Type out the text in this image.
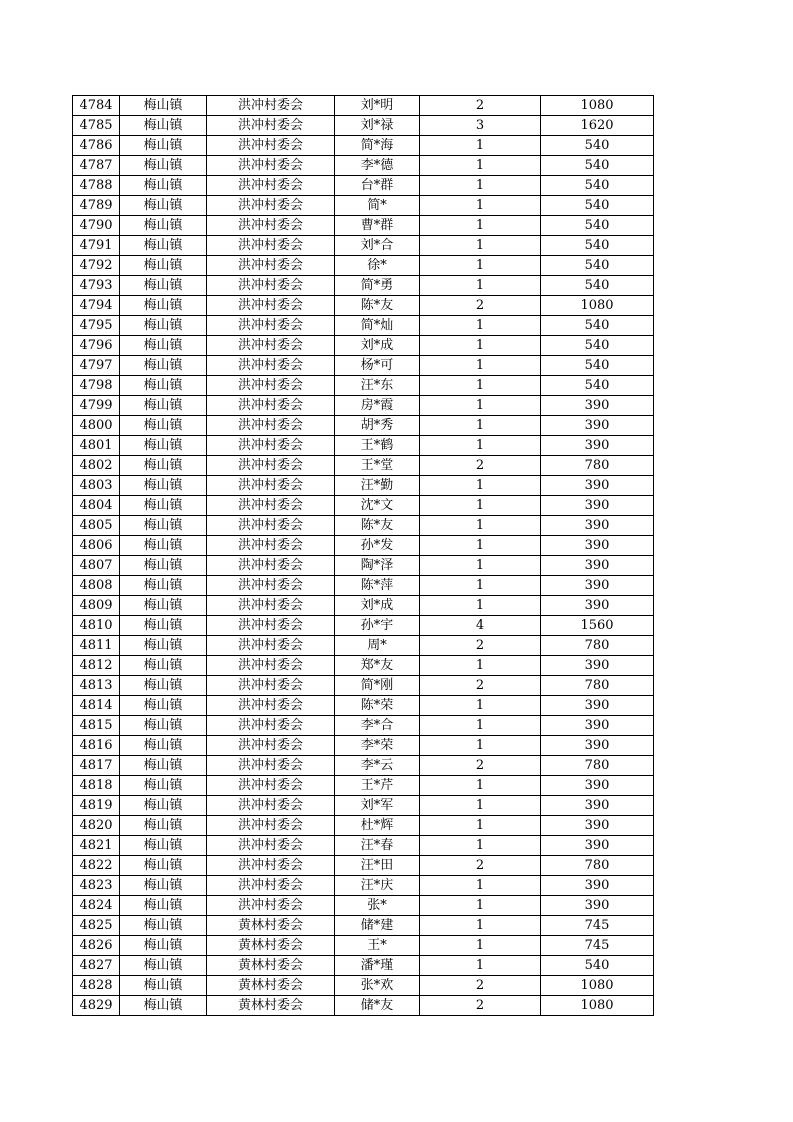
4784	梅山镇	洪冲村委会	刘*明	2	1080
4785	梅山镇	洪冲村委会	刘*禄	3	1620
4786	梅山镇	洪冲村委会	简*海	1	540
4787	梅山镇	洪冲村委会	李*德	1	540
4788	梅山镇	洪冲村委会	台*群	1	540
4789	梅山镇	洪冲村委会	简*	1	540
4790	梅山镇	洪冲村委会	曹*群	1	540
4791	梅山镇	洪冲村委会	刘*合	1	540
4792	梅山镇	洪冲村委会	徐*	1	540
4793	梅山镇	洪冲村委会	简*勇	1	540
4794	梅山镇	洪冲村委会	陈*友	2	1080
4795	梅山镇	洪冲村委会	简*灿	1	540
4796	梅山镇	洪冲村委会	刘*成	1	540
4797	梅山镇	洪冲村委会	杨*可	1	540
4798	梅山镇	洪冲村委会	汪*东	1	540
4799	梅山镇	洪冲村委会	房*霞	1	390
4800	梅山镇	洪冲村委会	胡*秀	1	390
4801	梅山镇	洪冲村委会	王*鹤	1	390
4802	梅山镇	洪冲村委会	王*堂	2	780
4803	梅山镇	洪冲村委会	汪*勤	1	390
4804	梅山镇	洪冲村委会	沈*文	1	390
4805	梅山镇	洪冲村委会	陈*友	1	390
4806	梅山镇	洪冲村委会	孙*发	1	390
4807	梅山镇	洪冲村委会	陶*泽	1	390
4808	梅山镇	洪冲村委会	陈*萍	1	390
4809	梅山镇	洪冲村委会	刘*成	1	390
4810	梅山镇	洪冲村委会	孙*宇	4	1560
4811	梅山镇	洪冲村委会	周*	2	780
4812	梅山镇	洪冲村委会	郑*友	1	390
4813	梅山镇	洪冲村委会	简*刚	2	780
4814	梅山镇	洪冲村委会	陈*荣	1	390
4815	梅山镇	洪冲村委会	李*合	1	390
4816	梅山镇	洪冲村委会	李*荣	1	390
4817	梅山镇	洪冲村委会	李*云	2	780
4818	梅山镇	洪冲村委会	王*芹	1	390
4819	梅山镇	洪冲村委会	刘*军	1	390
4820	梅山镇	洪冲村委会	杜*辉	1	390
4821	梅山镇	洪冲村委会	汪*春	1	390
4822	梅山镇	洪冲村委会	汪*田	2	780
4823	梅山镇	洪冲村委会	汪*庆	1	390
4824	梅山镇	洪冲村委会	张*	1	390
4825	梅山镇	黄林村委会	储*建	1	745
4826	梅山镇	黄林村委会	王*	1	745
4827	梅山镇	黄林村委会	潘*瑾	1	540
4828	梅山镇	黄林村委会	张*欢	2	1080
4829	梅山镇	黄林村委会	储*友	2	1080
